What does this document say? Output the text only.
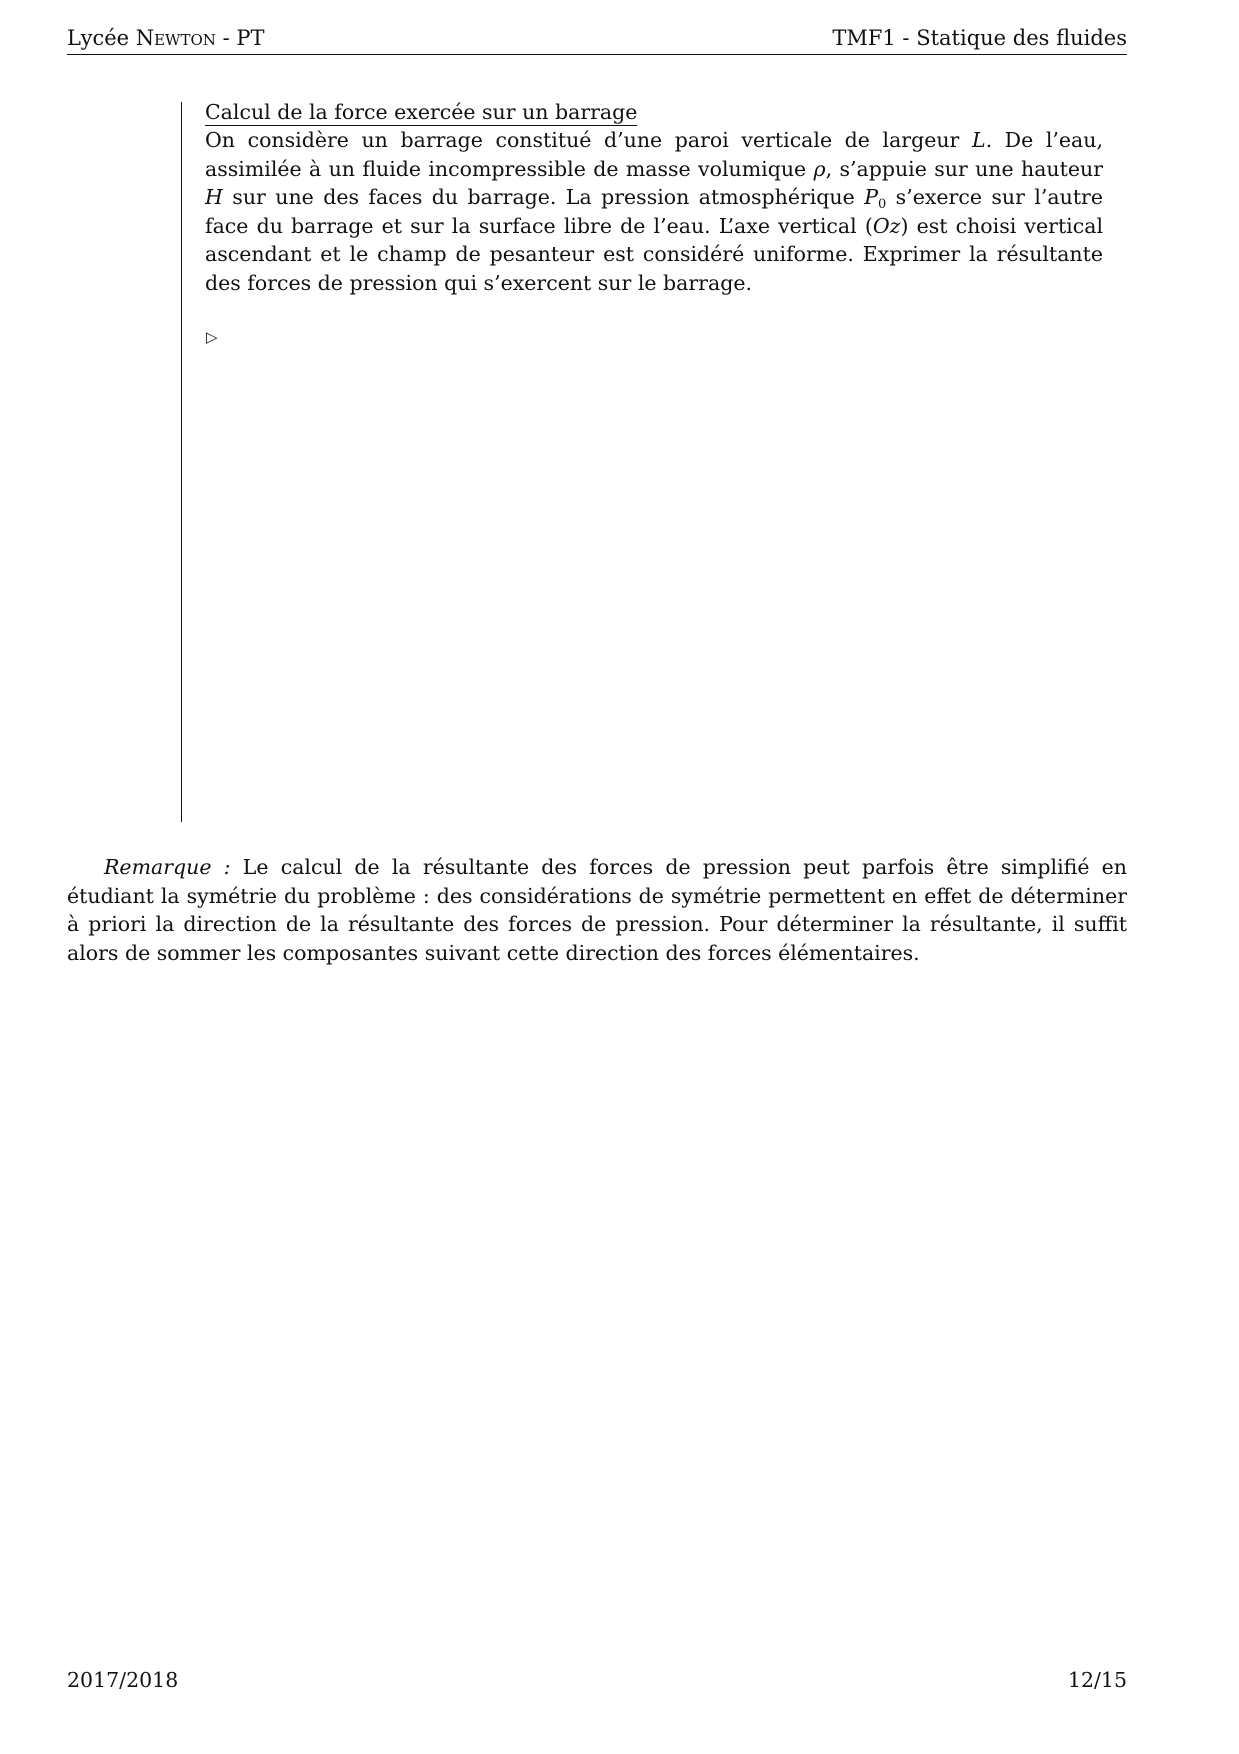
Lycée Newton - PT	TMF1 - Statique des fluides
Calcul de la force exercée sur un barrage

On considère un barrage constitué d’une paroi verticale de largeur L. De l’eau, assimilée à un fluide incompressible de masse volumique ρ, s’appuie sur une hauteur H sur une des faces du barrage. La pression atmosphérique $P_0$ s’exerce sur l’autre face du barrage et sur la surface libre de l’eau. L’axe vertical (Oz) est choisi vertical ascendant et le champ de pesanteur est considéré uniforme. Exprimer la résultante des forces de pression qui s’exercent sur le barrage.

▷

Remarque : Le calcul de la résultante des forces de pression peut parfois être simplifié en étudiant la symétrie du problème : des considérations de symétrie permettent en effet de déterminer à priori la direction de la résultante des forces de pression. Pour déterminer la résultante, il suffit alors de sommer les composantes suivant cette direction des forces élémentaires.

2017/2018	12/15
